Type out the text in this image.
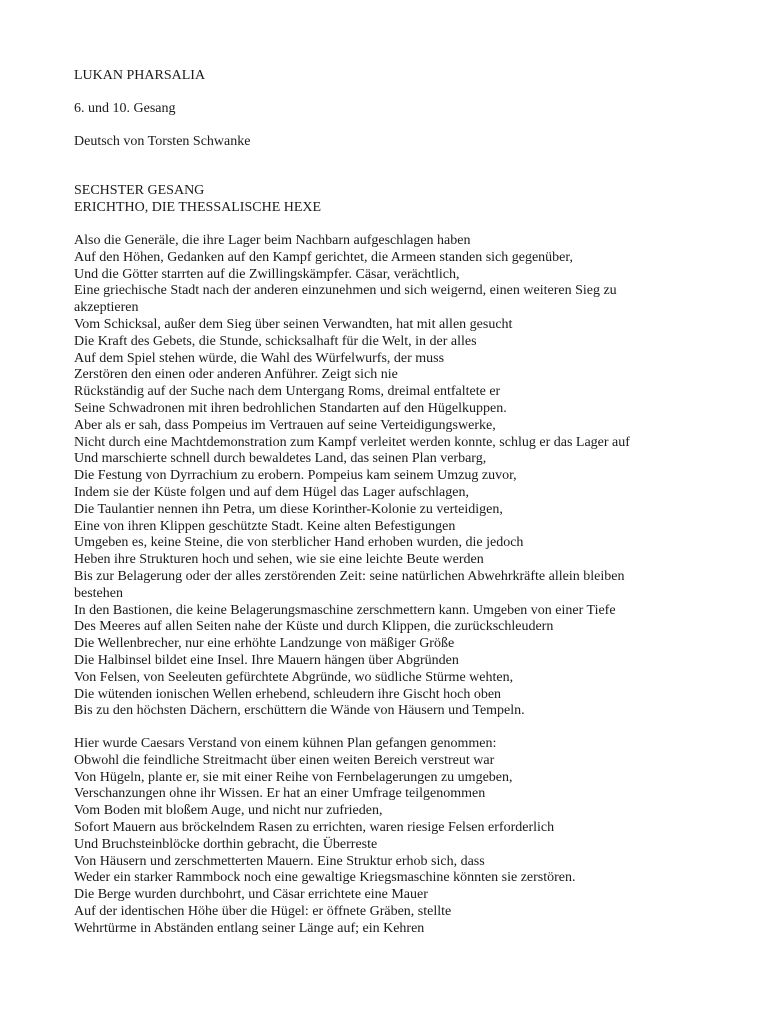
LUKAN PHARSALIA

6. und 10. Gesang

Deutsch von Torsten Schwanke

SECHSTER GESANG
ERICHTHO, DIE THESSALISCHE HEXE
Also die Generäle, die ihre Lager beim Nachbarn aufgeschlagen haben
Auf den Höhen, Gedanken auf den Kampf gerichtet, die Armeen standen sich gegenüber,
Und die Götter starrten auf die Zwillingskämpfer. Cäsar, verächtlich,
Eine griechische Stadt nach der anderen einzunehmen und sich weigernd, einen weiteren Sieg zu
akzeptieren
Vom Schicksal, außer dem Sieg über seinen Verwandten, hat mit allen gesucht
Die Kraft des Gebets, die Stunde, schicksalhaft für die Welt, in der alles
Auf dem Spiel stehen würde, die Wahl des Würfelwurfs, der muss
Zerstören den einen oder anderen Anführer. Zeigt sich nie
Rückständig auf der Suche nach dem Untergang Roms, dreimal entfaltete er
Seine Schwadronen mit ihren bedrohlichen Standarten auf den Hügelkuppen.
Aber als er sah, dass Pompeius im Vertrauen auf seine Verteidigungswerke,
Nicht durch eine Machtdemonstration zum Kampf verleitet werden konnte, schlug er das Lager auf
Und marschierte schnell durch bewaldetes Land, das seinen Plan verbarg,
Die Festung von Dyrrachium zu erobern. Pompeius kam seinem Umzug zuvor,
Indem sie der Küste folgen und auf dem Hügel das Lager aufschlagen,
Die Taulantier nennen ihn Petra, um diese Korinther-Kolonie zu verteidigen,
Eine von ihren Klippen geschützte Stadt. Keine alten Befestigungen
Umgeben es, keine Steine, die von sterblicher Hand erhoben wurden, die jedoch
Heben ihre Strukturen hoch und sehen, wie sie eine leichte Beute werden
Bis zur Belagerung oder der alles zerstörenden Zeit: seine natürlichen Abwehrkräfte allein bleiben
bestehen
In den Bastionen, die keine Belagerungsmaschine zerschmettern kann. Umgeben von einer Tiefe
Des Meeres auf allen Seiten nahe der Küste und durch Klippen, die zurückschleudern
Die Wellenbrecher, nur eine erhöhte Landzunge von mäßiger Größe
Die Halbinsel bildet eine Insel. Ihre Mauern hängen über Abgründen
Von Felsen, von Seeleuten gefürchtete Abgründe, wo südliche Stürme wehten,
Die wütenden ionischen Wellen erhebend, schleudern ihre Gischt hoch oben
Bis zu den höchsten Dächern, erschüttern die Wände von Häusern und Tempeln.
Hier wurde Caesars Verstand von einem kühnen Plan gefangen genommen:
Obwohl die feindliche Streitmacht über einen weiten Bereich verstreut war
Von Hügeln, plante er, sie mit einer Reihe von Fernbelagerungen zu umgeben,
Verschanzungen ohne ihr Wissen. Er hat an einer Umfrage teilgenommen
Vom Boden mit bloßem Auge, und nicht nur zufrieden,
Sofort Mauern aus bröckelndem Rasen zu errichten, waren riesige Felsen erforderlich
Und Bruchsteinblöcke dorthin gebracht, die Überreste
Von Häusern und zerschmetterten Mauern. Eine Struktur erhob sich, dass
Weder ein starker Rammbock noch eine gewaltige Kriegsmaschine könnten sie zerstören.
Die Berge wurden durchbohrt, und Cäsar errichtete eine Mauer
Auf der identischen Höhe über die Hügel: er öffnete Gräben, stellte
Wehrtürme in Abständen entlang seiner Länge auf; ein Kehren
